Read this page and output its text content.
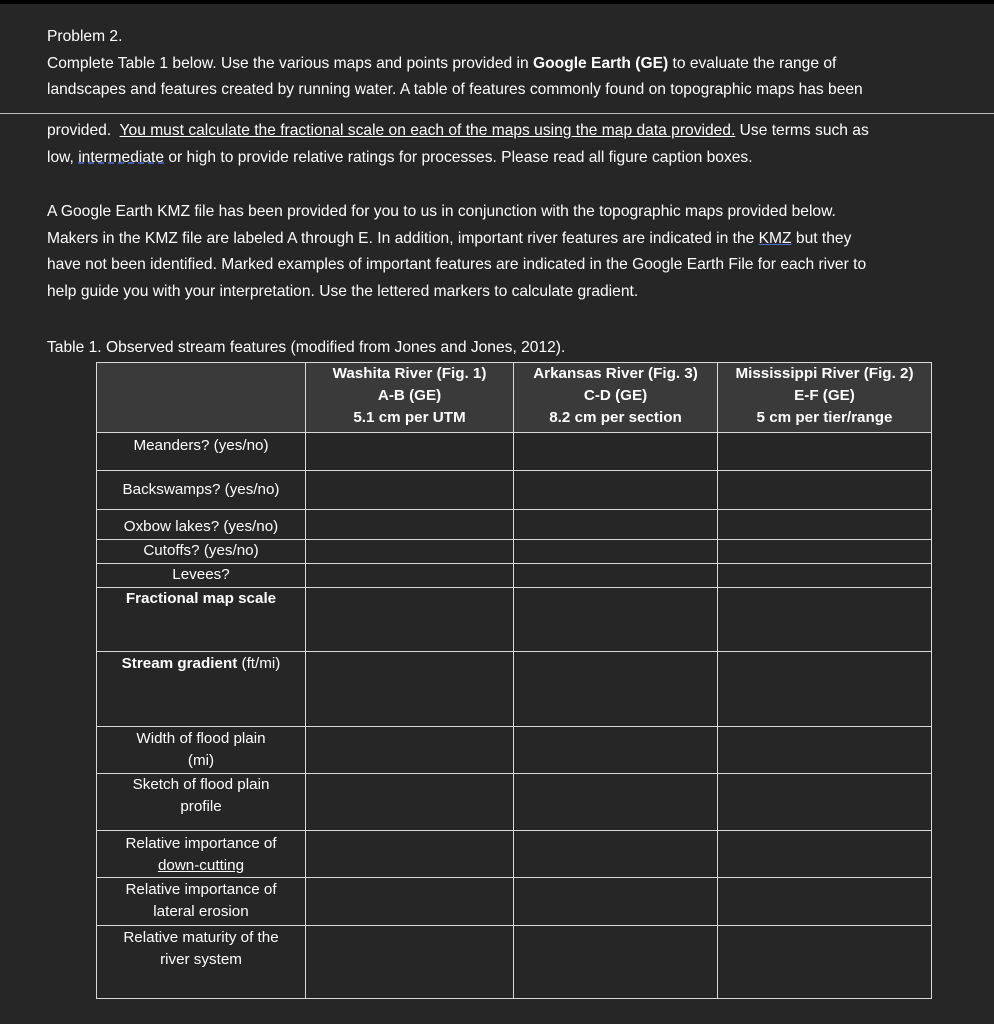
Problem 2.
Complete Table 1 below. Use the various maps and points provided in Google Earth (GE) to evaluate the range of
landscapes and features created by running water. A table of features commonly found on topographic maps has been

provided. You must calculate the fractional scale on each of the maps using the map data provided. Use terms such as
low, intermediate or high to provide relative ratings for processes. Please read all figure caption boxes.

A Google Earth KMZ file has been provided for you to us in conjunction with the topographic maps provided below.
Makers in the KMZ file are labeled A through E. In addition, important river features are indicated in the KMZ but they
have not been identified. Marked examples of important features are indicated in the Google Earth File for each river to
help guide you with your interpretation. Use the lettered markers to calculate gradient.

Table 1. Observed stream features (modified from Jones and Jones, 2012).

	Washita River (Fig. 1)
A-B (GE)
5.1 cm per UTM	Arkansas River (Fig. 3)
C-D (GE)
8.2 cm per section	Mississippi River (Fig. 2)
E-F (GE)
5 cm per tier/range

Meanders? (yes/no)			
Backswamps? (yes/no)			
Oxbow lakes? (yes/no)			
Cutoffs? (yes/no)			
Levees?			
Fractional map scale			
Stream gradient (ft/mi)			

Width of flood plain
(mi)			

Sketch of flood plain
profile			

Relative importance of
down-cutting			

Relative importance of
lateral erosion			

Relative maturity of the
river system			
